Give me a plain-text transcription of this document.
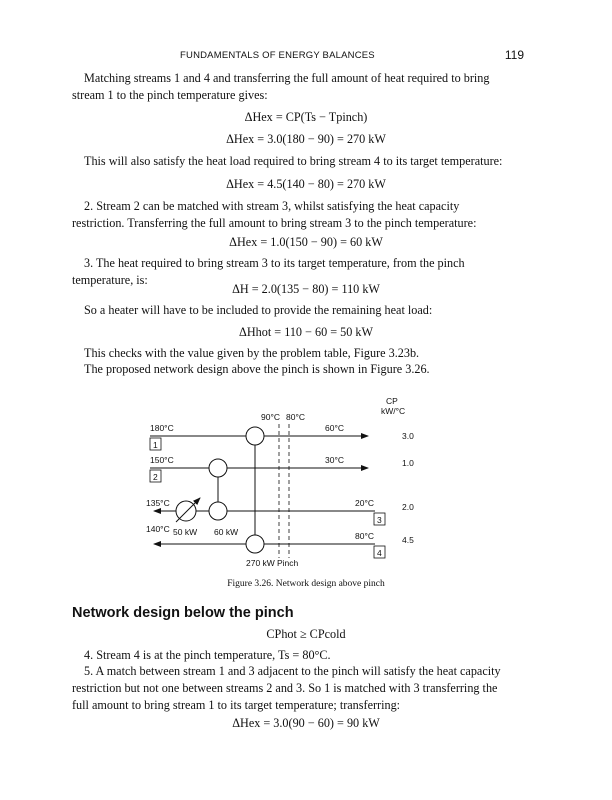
FUNDAMENTALS OF ENERGY BALANCES	119

Matching streams 1 and 4 and transferring the full amount of heat required to bring stream 1 to the pinch temperature gives:

ΔHex = CP(Ts − Tpinch)
ΔHex = 3.0(180 − 90) = 270 kW

This will also satisfy the heat load required to bring stream 4 to its target temperature:

ΔHex = 4.5(140 − 80) = 270 kW

2. Stream 2 can be matched with stream 3, whilst satisfying the heat capacity restriction. Transferring the full amount to bring stream 3 to the pinch temperature:

ΔHex = 1.0(150 − 90) = 60 kW

3. The heat required to bring stream 3 to its target temperature, from the pinch temperature, is:

ΔH = 2.0(135 − 80) = 110 kW

So a heater will have to be included to provide the remaining heat load:

ΔHhot = 110 − 60 = 50 kW

This checks with the value given by the problem table, Figure 3.23b.

The proposed network design above the pinch is shown in Figure 3.26.

CP
kW/°C
90°C 80°C
180°C	60°C
3.0
1
150°C	30°C	1.0
2
135°C	20°C	2.0
3
140°C
80°C	4.5
4
50 kW 60 kW
270 kW Pinch
Figure 3.26. Network design above pinch
Network design below the pinch
CPhot ≥ CPcold

4. Stream 4 is at the pinch temperature, Ts = 80°C.

5. A match between stream 1 and 3 adjacent to the pinch will satisfy the heat capacity restriction but not one between streams 2 and 3. So 1 is matched with 3 transferring the full amount to bring stream 1 to its target temperature; transferring:

ΔHex = 3.0(90 − 60) = 90 kW
